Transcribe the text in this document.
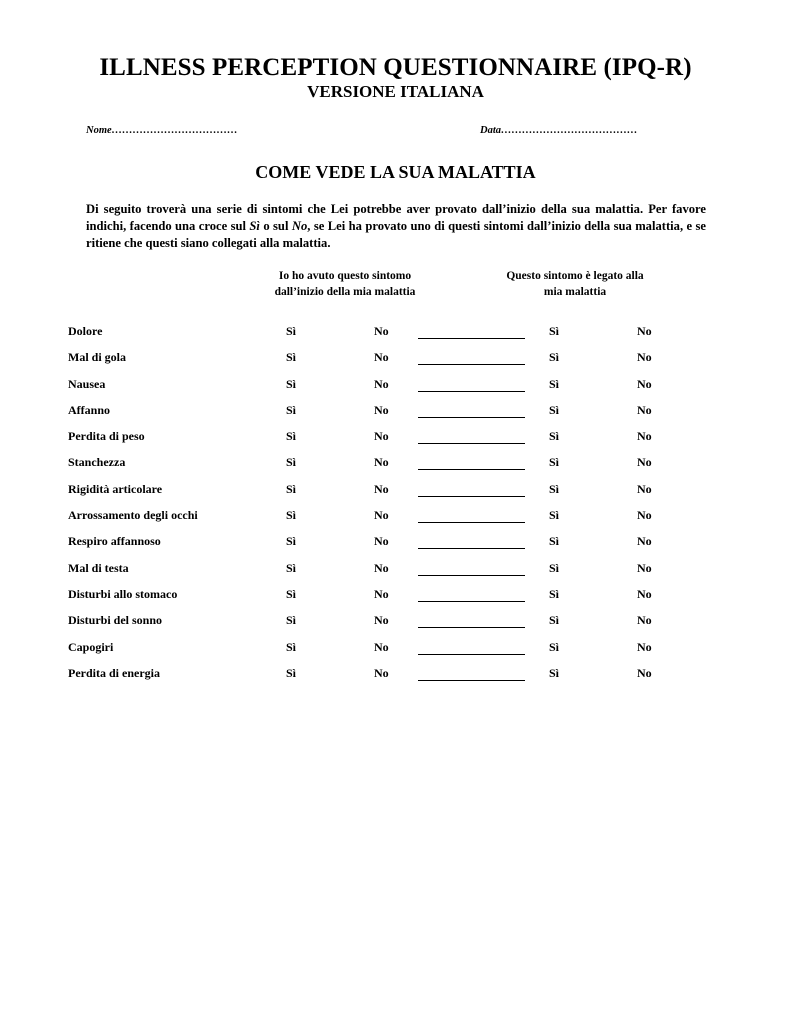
ILLNESS PERCEPTION QUESTIONNAIRE (IPQ-R)
VERSIONE ITALIANA
Nome………………………………	Data…………………………………
COME VEDE LA SUA MALATTIA
Di seguito troverà una serie di sintomi che Lei potrebbe aver provato dall’inizio della sua malattia. Per favore indichi, facendo una croce sul Sì o sul No, se Lei ha provato uno di questi sintomi dall’inizio della sua malattia, e se ritiene che questi siano collegati alla malattia.
Io ho avuto questo sintomo
dall’inizio della mia malattia
Questo sintomo è legato alla
mia malattia
Dolore	Sì	No	Sì	No
Mal di gola	Sì	No	Sì	No
Nausea	Sì	No	Sì	No
Affanno	Sì	No	Sì	No
Perdita di peso	Sì	No	Sì	No
Stanchezza	Sì	No	Sì	No
Rigidità articolare	Sì	No	Sì	No
Arrossamento degli occhi	Sì	No	Sì	No
Respiro affannoso	Sì	No	Sì	No
Mal di testa	Sì	No	Sì	No
Disturbi allo stomaco	Sì	No	Sì	No
Disturbi del sonno	Sì	No	Sì	No
Capogiri	Sì	No	Sì	No
Perdita di energia	Sì	No	Sì	No
